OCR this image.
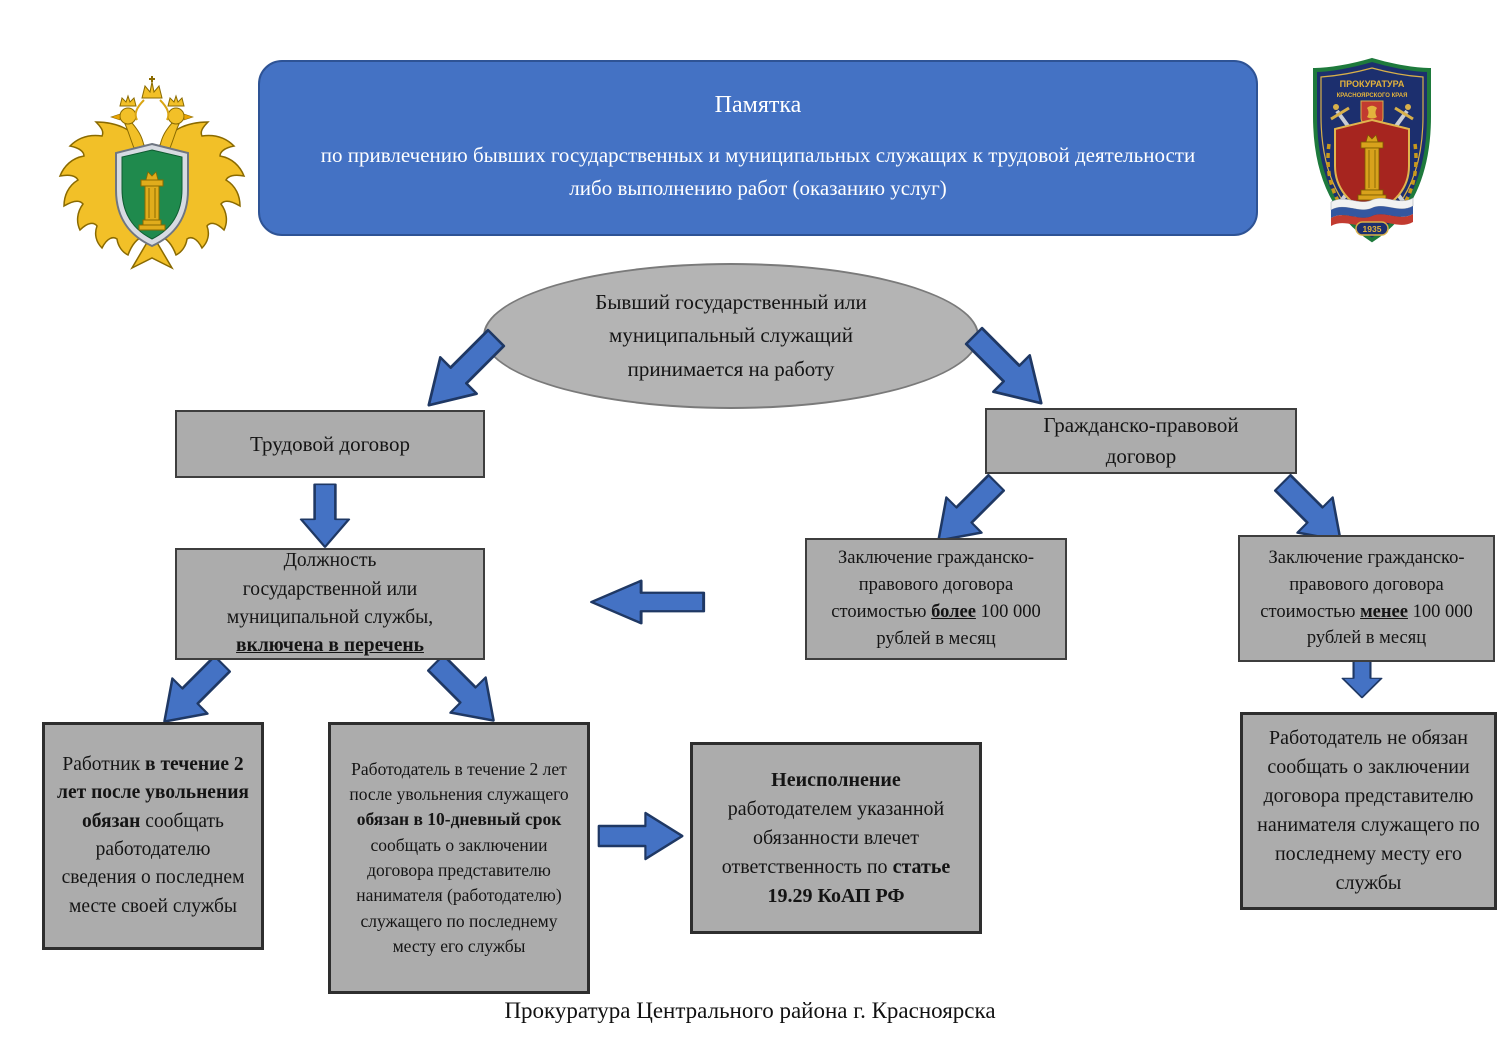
Памятка
по привлечению бывших государственных и муниципальных служащих к трудовой деятельности либо выполнению работ (оказанию услуг)
ПРОКУРАТУРА
КРАСНОЯРСКОГО КРАЯ
1935
Бывший государственный или муниципальный служащий принимается на работу
Трудовой договор
Гражданско-правовой договор
Должность государственной или муниципальной службы, включена в перечень
Работник в течение 2 лет после увольнения обязан сообщать работодателю сведения о последнем месте своей службы
Работодатель в течение 2 лет после увольнения служащего обязан в 10-дневный срок сообщать о заключении договора представителю нанимателя (работодателю) служащего по последнему месту его службы
Неисполнение
работодателем указанной обязанности влечет ответственность по статье 19.29 КоАП РФ
Заключение гражданско-правового договора стоимостью более 100 000 рублей в месяц
Заключение гражданско-правового договора стоимостью менее 100 000 рублей в месяц
Работодатель не обязан сообщать о заключении договора представителю нанимателя служащего по последнему месту его службы
Прокуратура Центрального района г. Красноярска
